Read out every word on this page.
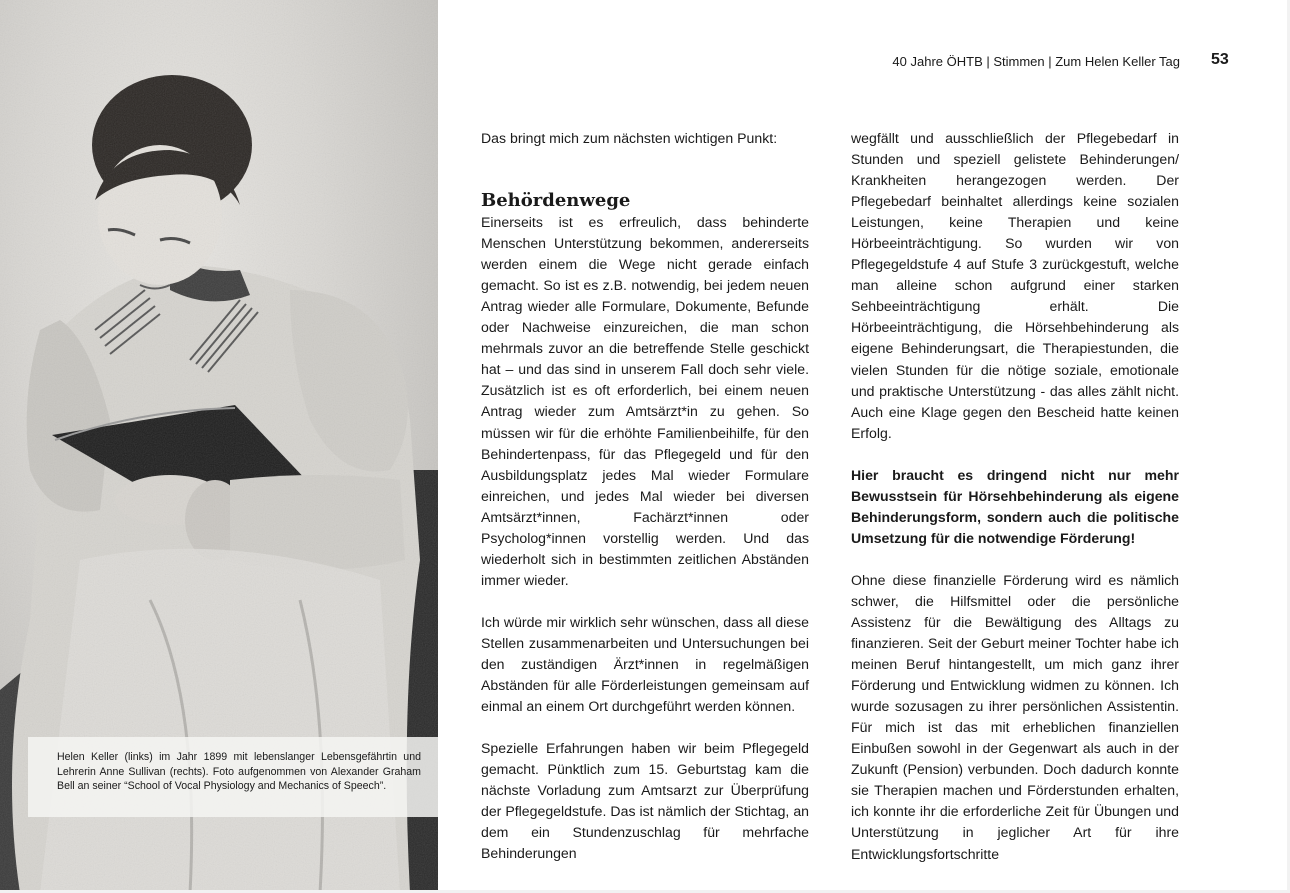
Helen Keller (links) im Jahr 1899 mit lebenslanger Lebensgefährtin und Lehrerin Anne Sullivan (rechts). Foto aufgenommen von Alexander Graham Bell an seiner “School of Vocal Physiology and Mechanics of Speech”.

40 Jahre ÖHTB | Stimmen | Zum Helen Keller Tag 53

Das bringt mich zum nächsten wichtigen Punkt:

Behördenwege

Einerseits ist es erfreulich, dass behinderte Menschen Unterstützung bekommen, andererseits werden einem die Wege nicht gerade einfach gemacht. So ist es z.B. notwendig, bei jedem neuen Antrag wieder alle Formulare, Dokumente, Befunde oder Nachweise einzureichen, die man schon mehrmals zuvor an die betreffende Stelle geschickt hat – und das sind in unserem Fall doch sehr viele. Zusätzlich ist es oft erforderlich, bei einem neuen Antrag wieder zum Amtsärzt*in zu gehen. So müssen wir für die erhöhte Familienbeihilfe, für den Behindertenpass, für das Pflegegeld und für den Ausbildungsplatz jedes Mal wieder Formulare einreichen, und jedes Mal wieder bei diversen Amtsärzt*innen, Fachärzt*innen oder Psycholog*innen vorstellig werden. Und das wiederholt sich in bestimmten zeitlichen Abständen immer wieder.

Ich würde mir wirklich sehr wünschen, dass all diese Stellen zusammenarbeiten und Untersuchungen bei den zuständigen Ärzt*innen in regelmäßigen Abständen für alle Förderleistungen gemeinsam auf einmal an einem Ort durchgeführt werden können.

Spezielle Erfahrungen haben wir beim Pflegegeld gemacht. Pünktlich zum 15. Geburtstag kam die nächste Vorladung zum Amtsarzt zur Überprüfung der Pflegegeldstufe. Das ist nämlich der Stichtag, an dem ein Stundenzuschlag für mehrfache Behinderungen

wegfällt und ausschließlich der Pflegebedarf in Stunden und speziell gelistete Behinderungen/ Krankheiten herangezogen werden. Der Pflegebedarf beinhaltet allerdings keine sozialen Leistungen, keine Therapien und keine Hörbeeinträchtigung. So wurden wir von Pflegegeldstufe 4 auf Stufe 3 zurückgestuft, welche man alleine schon aufgrund einer starken Sehbeeinträchtigung erhält. Die Hörbeeinträchtigung, die Hörsehbehinderung als eigene Behinderungsart, die Therapiestunden, die vielen Stunden für die nötige soziale, emotionale und praktische Unterstützung - das alles zählt nicht. Auch eine Klage gegen den Bescheid hatte keinen Erfolg.

Hier braucht es dringend nicht nur mehr Bewusstsein für Hörsehbehinderung als eigene Behinderungsform, sondern auch die politische Umsetzung für die notwendige Förderung!

Ohne diese finanzielle Förderung wird es nämlich schwer, die Hilfsmittel oder die persönliche Assistenz für die Bewältigung des Alltags zu finanzieren. Seit der Geburt meiner Tochter habe ich meinen Beruf hintangestellt, um mich ganz ihrer Förderung und Entwicklung widmen zu können. Ich wurde sozusagen zu ihrer persönlichen Assistentin. Für mich ist das mit erheblichen finanziellen Einbußen sowohl in der Gegenwart als auch in der Zukunft (Pension) verbunden. Doch dadurch konnte sie Therapien machen und Förderstunden erhalten, ich konnte ihr die erforderliche Zeit für Übungen und Unterstützung in jeglicher Art für ihre Entwicklungsfortschritte
